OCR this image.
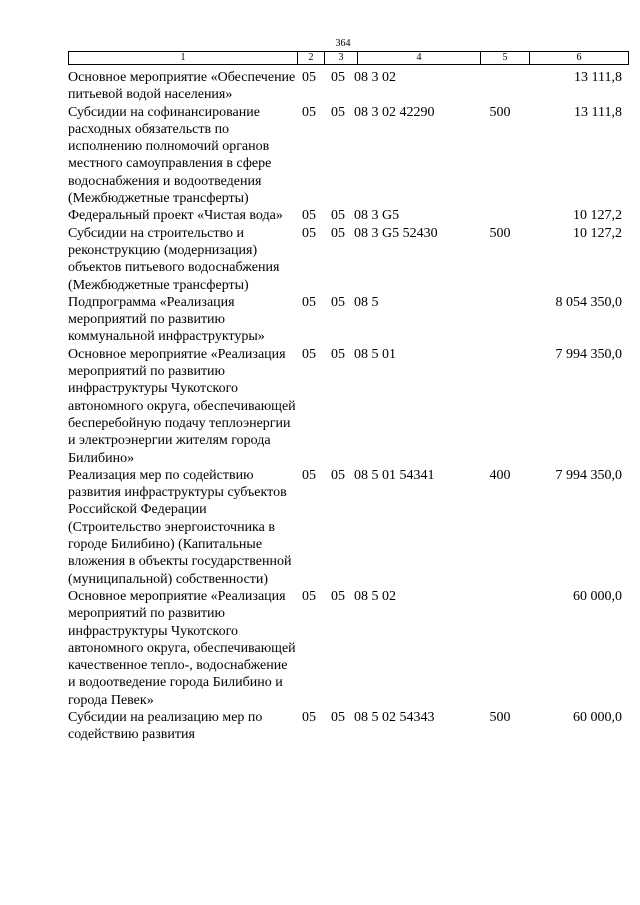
364
1	2	3	4	5	6
Основное мероприятие «Обеспечение питьевой водой населения»	05	05	08 3 02		13 111,8
Субсидии на софинансирование расходных обязательств по исполнению полномочий органов местного самоуправления в сфере водоснабжения и водоотведения (Межбюджетные трансферты)	05	05	08 3 02 42290	500	13 111,8
Федеральный проект «Чистая вода»	05	05	08 3 G5		10 127,2
Субсидии на строительство и реконструкцию (модернизация) объектов питьевого водоснабжения (Межбюджетные трансферты)	05	05	08 3 G5 52430	500	10 127,2
Подпрограмма «Реализация мероприятий по развитию коммунальной инфраструктуры»	05	05	08 5		8 054 350,0
Основное мероприятие «Реализация мероприятий по развитию инфраструктуры Чукотского автономного округа, обеспечивающей бесперебойную подачу теплоэнергии и электроэнергии жителям города Билибино»	05	05	08 5 01		7 994 350,0
Реализация мер по содействию развития инфраструктуры субъектов Российской Федерации (Строительство энергоисточника в городе Билибино) (Капитальные вложения в объекты государственной (муниципальной) собственности)	05	05	08 5 01 54341	400	7 994 350,0
Основное мероприятие «Реализация мероприятий по развитию инфраструктуры Чукотского автономного округа, обеспечивающей качественное тепло-, водоснабжение и водоотведение города Билибино и города Певек»	05	05	08 5 02		60 000,0
Субсидии на реализацию мер по содействию развития	05	05	08 5 02 54343	500	60 000,0
